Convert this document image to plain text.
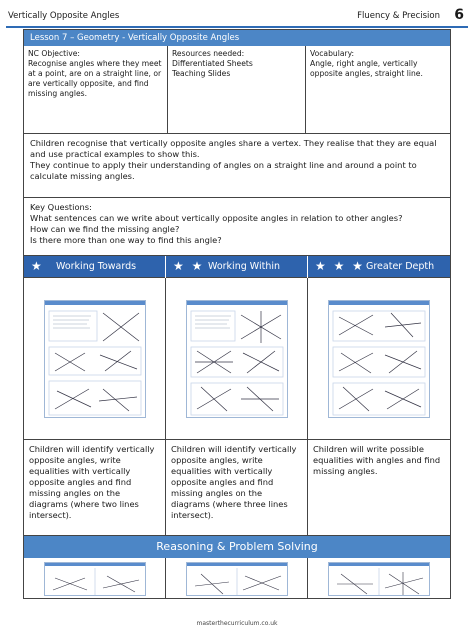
Vertically Opposite Angles	Fluency & Precision 6
Lesson 7 – Geometry - Vertically Opposite Angles
NC Objective:
Recognise angles where they meet at a point, are on a straight line, or are vertically opposite, and find missing angles.
Resources needed:
Differentiated Sheets
Teaching Slides
Vocabulary:
Angle, right angle, vertically opposite angles, straight line.
Children recognise that vertically opposite angles share a vertex. They realise that they are equal and use practical examples to show this.
They continue to apply their understanding of angles on a straight line and around a point to calculate missing angles.
Key Questions:
What sentences can we write about vertically opposite angles in relation to other angles?
How can we find the missing angle?
Is there more than one way to find this angle?
★ Working Towards	★ ★ Working Within	★ ★ ★ Greater Depth
Children will identify vertically opposite angles, write equalities with vertically opposite angles and find missing angles on the diagrams (where two lines intersect).
Children will identify vertically opposite angles, write equalities with vertically opposite angles and find missing angles on the diagrams (where three lines intersect).
Children will write possible equalities with angles and find missing angles.
Reasoning & Problem Solving
masterthecurriculum.co.uk
